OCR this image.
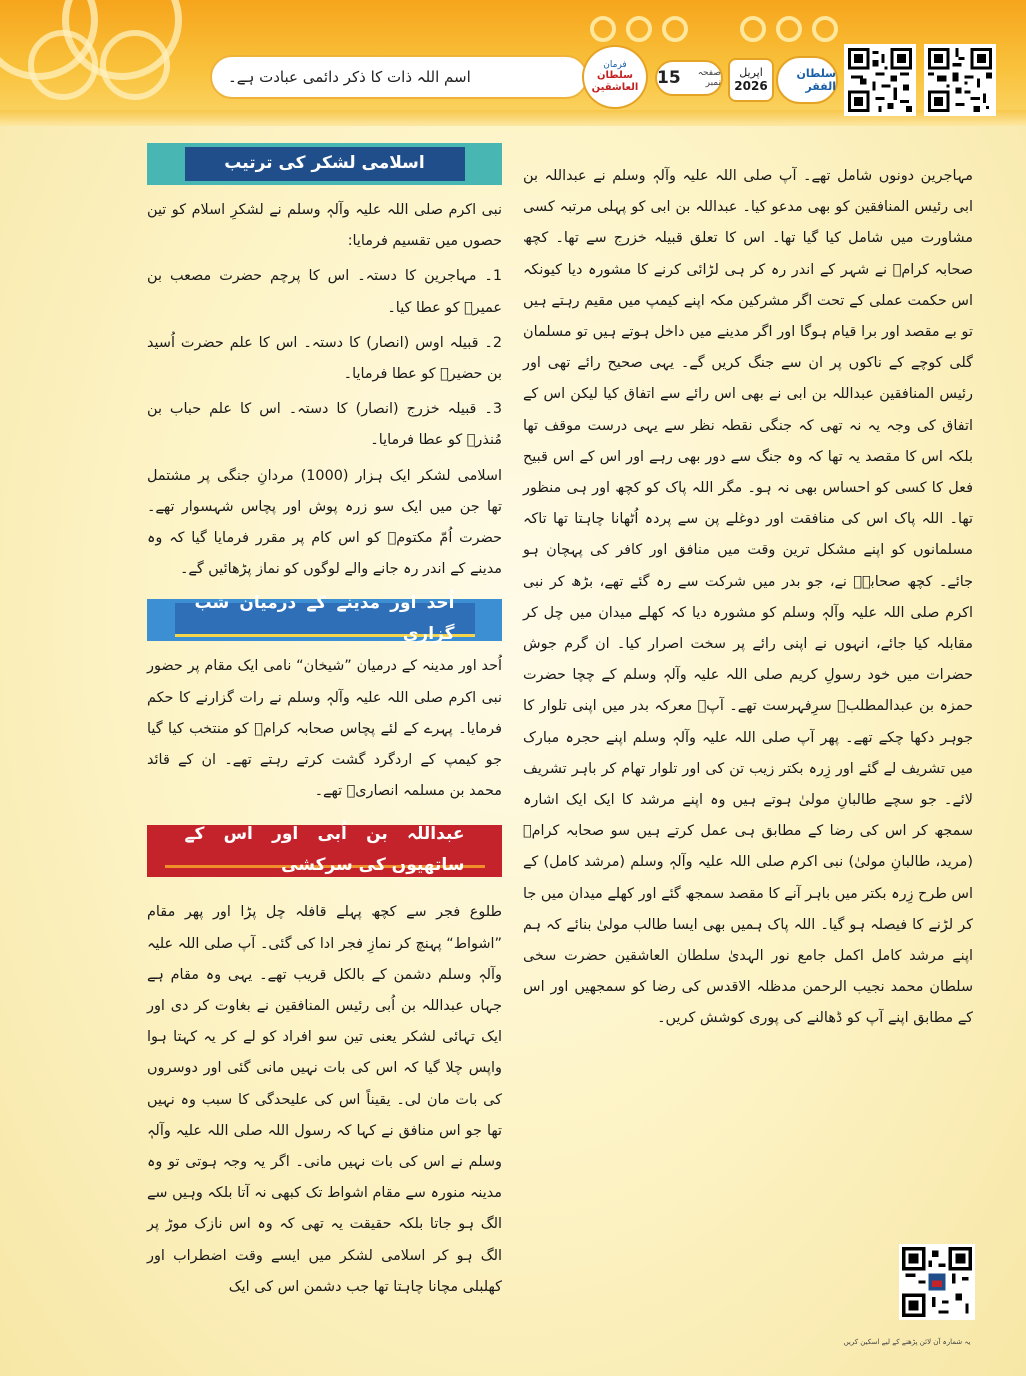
اسم اللہ ذات کا ذکر دائمی عبادت ہے۔
فرمان
سلطان العاشقین
صفحہ نمبر
15	اپریل
2026
سلطان الفقر

مہاجرین دونوں شامل تھے۔ آپ صلی اللہ علیہ وآلہٖ وسلم نے عبداللہ بن ابی رئیس المنافقین کو بھی مدعو کیا۔ عبداللہ بن ابی کو پہلی مرتبہ کسی مشاورت میں شامل کیا گیا تھا۔ اس کا تعلق قبیلہ خزرج سے تھا۔ کچھ صحابہ کرامؓ نے شہر کے اندر رہ کر ہی لڑائی کرنے کا مشورہ دیا کیونکہ اس حکمت عملی کے تحت اگر مشرکین مکہ اپنے کیمپ میں مقیم رہتے ہیں تو بے مقصد اور برا قیام ہوگا اور اگر مدینے میں داخل ہوتے ہیں تو مسلمان گلی کوچے کے ناکوں پر ان سے جنگ کریں گے۔ یہی صحیح رائے تھی اور رئیس المنافقین عبداللہ بن ابی نے بھی اس رائے سے اتفاق کیا لیکن اس کے اتفاق کی وجہ یہ نہ تھی کہ جنگی نقطہ نظر سے یہی درست موقف تھا بلکہ اس کا مقصد یہ تھا کہ وہ جنگ سے دور بھی رہے اور اس کے اس قبیح فعل کا کسی کو احساس بھی نہ ہو۔ مگر اللہ پاک کو کچھ اور ہی منظور تھا۔ اللہ پاک اس کی منافقت اور دوغلے پن سے پردہ اُٹھانا چاہتا تھا تاکہ مسلمانوں کو اپنے مشکل ترین وقت میں منافق اور کافر کی پہچان ہو جائے۔ کچھ صحابہؓ نے، جو بدر میں شرکت سے رہ گئے تھے، بڑھ کر نبی اکرم صلی اللہ علیہ وآلہٖ وسلم کو مشورہ دیا کہ کھلے میدان میں چل کر مقابلہ کیا جائے، انہوں نے اپنی رائے پر سخت اصرار کیا۔ ان گرم جوش حضرات میں خود رسولِ کریم صلی اللہ علیہ وآلہٖ وسلم کے چچا حضرت حمزہ بن عبدالمطلبؓ سرِفہرست تھے۔ آپؓ معرکہ بدر میں اپنی تلوار کا جوہر دکھا چکے تھے۔ پھر آپ صلی اللہ علیہ وآلہٖ وسلم اپنے حجرہ مبارک میں تشریف لے گئے اور زِرہ بکتر زیب تن کی اور تلوار تھام کر باہر تشریف لائے۔ جو سچے طالبانِ مولیٰ ہوتے ہیں وہ اپنے مرشد کا ایک ایک اشارہ سمجھ کر اس کی رضا کے مطابق ہی عمل کرتے ہیں سو صحابہ کرامؓ (مرید، طالبانِ مولیٰ) نبی اکرم صلی اللہ علیہ وآلہٖ وسلم (مرشد کامل) کے اس طرح زِرہ بکتر میں باہر آنے کا مقصد سمجھ گئے اور کھلے میدان میں جا کر لڑنے کا فیصلہ ہو گیا۔ اللہ پاک ہمیں بھی ایسا طالب مولیٰ بنائے کہ ہم اپنے مرشد کامل اکمل جامع نور الہدیٰ سلطان العاشقین حضرت سخی سلطان محمد نجیب الرحمن مدظلہ الاقدس کی رضا کو سمجھیں اور اس کے مطابق اپنے آپ کو ڈھالنے کی پوری کوشش کریں۔

اسلامی لشکر کی ترتیب

نبی اکرم صلی اللہ علیہ وآلہٖ وسلم نے لشکرِ اسلام کو تین حصوں میں تقسیم فرمایا:

1۔ مہاجرین کا دستہ۔ اس کا پرچم حضرت مصعب بن عمیرؓ کو عطا کیا۔

2۔ قبیلہ اوس (انصار) کا دستہ۔ اس کا علم حضرت اُسید بن حضیرؓ کو عطا فرمایا۔

3۔ قبیلہ خزرج (انصار) کا دستہ۔ اس کا علم حباب بن مُنذرؓ کو عطا فرمایا۔

اسلامی لشکر ایک ہزار (1000) مردانِ جنگی پر مشتمل تھا جن میں ایک سو زرہ پوش اور پچاس شہسوار تھے۔ حضرت اُمّ مکتومؓ کو اس کام پر مقرر فرمایا گیا کہ وہ مدینے کے اندر رہ جانے والے لوگوں کو نماز پڑھائیں گے۔

اُحد اور مدینے کے درمیان شب گزاری

اُحد اور مدینہ کے درمیان ”شیخان“ نامی ایک مقام پر حضور نبی اکرم صلی اللہ علیہ وآلہٖ وسلم نے رات گزارنے کا حکم فرمایا۔ پہرے کے لئے پچاس صحابہ کرامؓ کو منتخب کیا گیا جو کیمپ کے اردگرد گشت کرتے رہتے تھے۔ ان کے قائد محمد بن مسلمہ انصاریؓ تھے۔

عبداللہ بن اُبی اور اس کے ساتھیوں کی سرکشی

طلوع فجر سے کچھ پہلے قافلہ چل پڑا اور پھر مقام ”اشواط“ پہنچ کر نمازِ فجر ادا کی گئی۔ آپ صلی اللہ علیہ وآلہٖ وسلم دشمن کے بالکل قریب تھے۔ یہی وہ مقام ہے جہاں عبداللہ بن اُبی رئیس المنافقین نے بغاوت کر دی اور ایک تہائی لشکر یعنی تین سو افراد کو لے کر یہ کہتا ہوا واپس چلا گیا کہ اس کی بات نہیں مانی گئی اور دوسروں کی بات مان لی۔ یقیناً اس کی علیحدگی کا سبب وہ نہیں تھا جو اس منافق نے کہا کہ رسول اللہ صلی اللہ علیہ وآلہٖ وسلم نے اس کی بات نہیں مانی۔ اگر یہ وجہ ہوتی تو وہ مدینہ منورہ سے مقام اشواط تک کبھی نہ آتا بلکہ وہیں سے الگ ہو جاتا بلکہ حقیقت یہ تھی کہ وہ اس نازک موڑ پر الگ ہو کر اسلامی لشکر میں ایسے وقت اضطراب اور کھلبلی مچانا چاہتا تھا جب دشمن اس کی ایک

یہ شمارہ آن لائن پڑھنے کے لیے اسکین کریں
